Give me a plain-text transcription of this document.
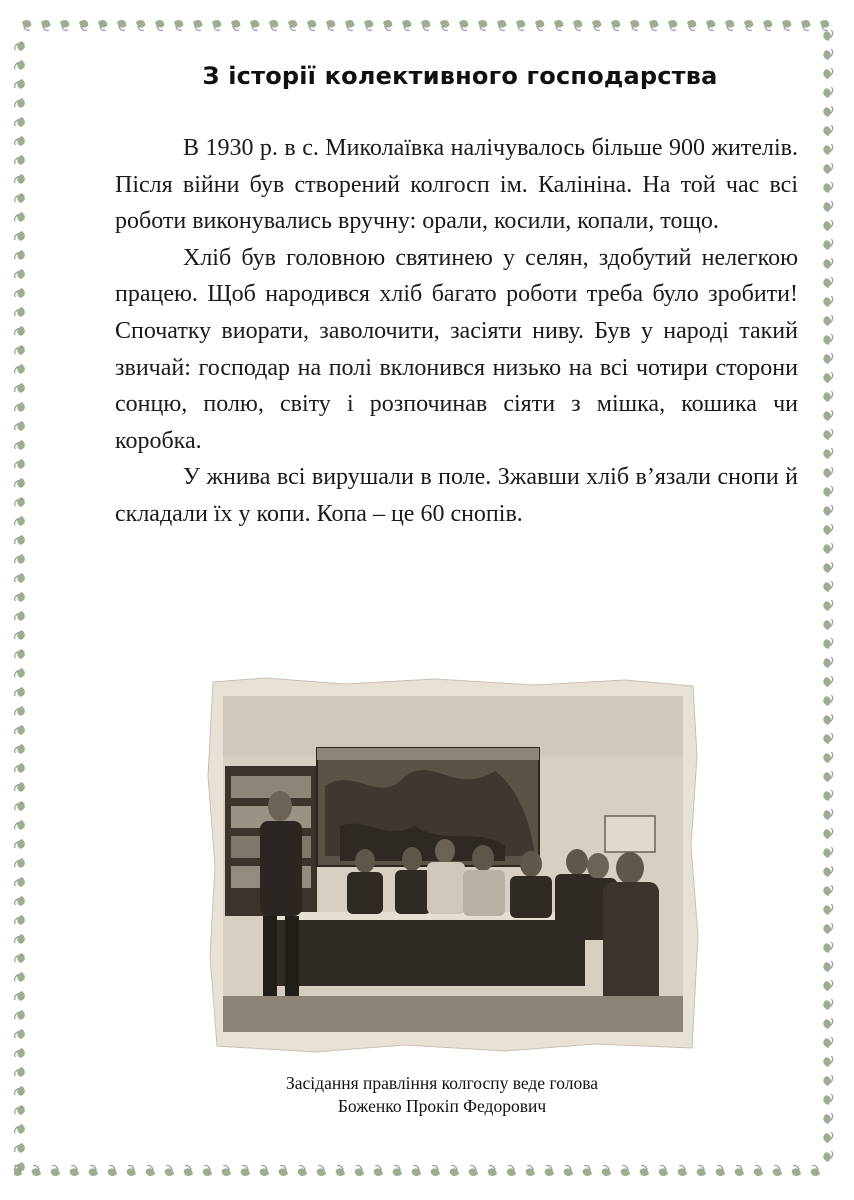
З історії колективного господарства

В 1930 р. в с. Миколаївка налічувалось більше 900 жителів. Після війни був створений колгосп ім. Калініна. На той час всі роботи виконувались вручну: орали, косили, копали, тощо.

Хліб був головною святинею у селян, здобутий нелегкою працею. Щоб народився хліб багато роботи треба було зробити! Спочатку виорати, заволочити, засіяти ниву. Був у народі такий звичай: господар на полі вклонився низько на всі чотири сторони сонцю, полю, світу і розпочинав сіяти з мішка, кошика чи коробка.

У жнива всі вирушали в поле. Зжавши хліб в’язали снопи й складали їх у копи. Копа – це 60 снопів.

Засідання правління колгоспу веде голова
Боженко Прокіп Федорович
